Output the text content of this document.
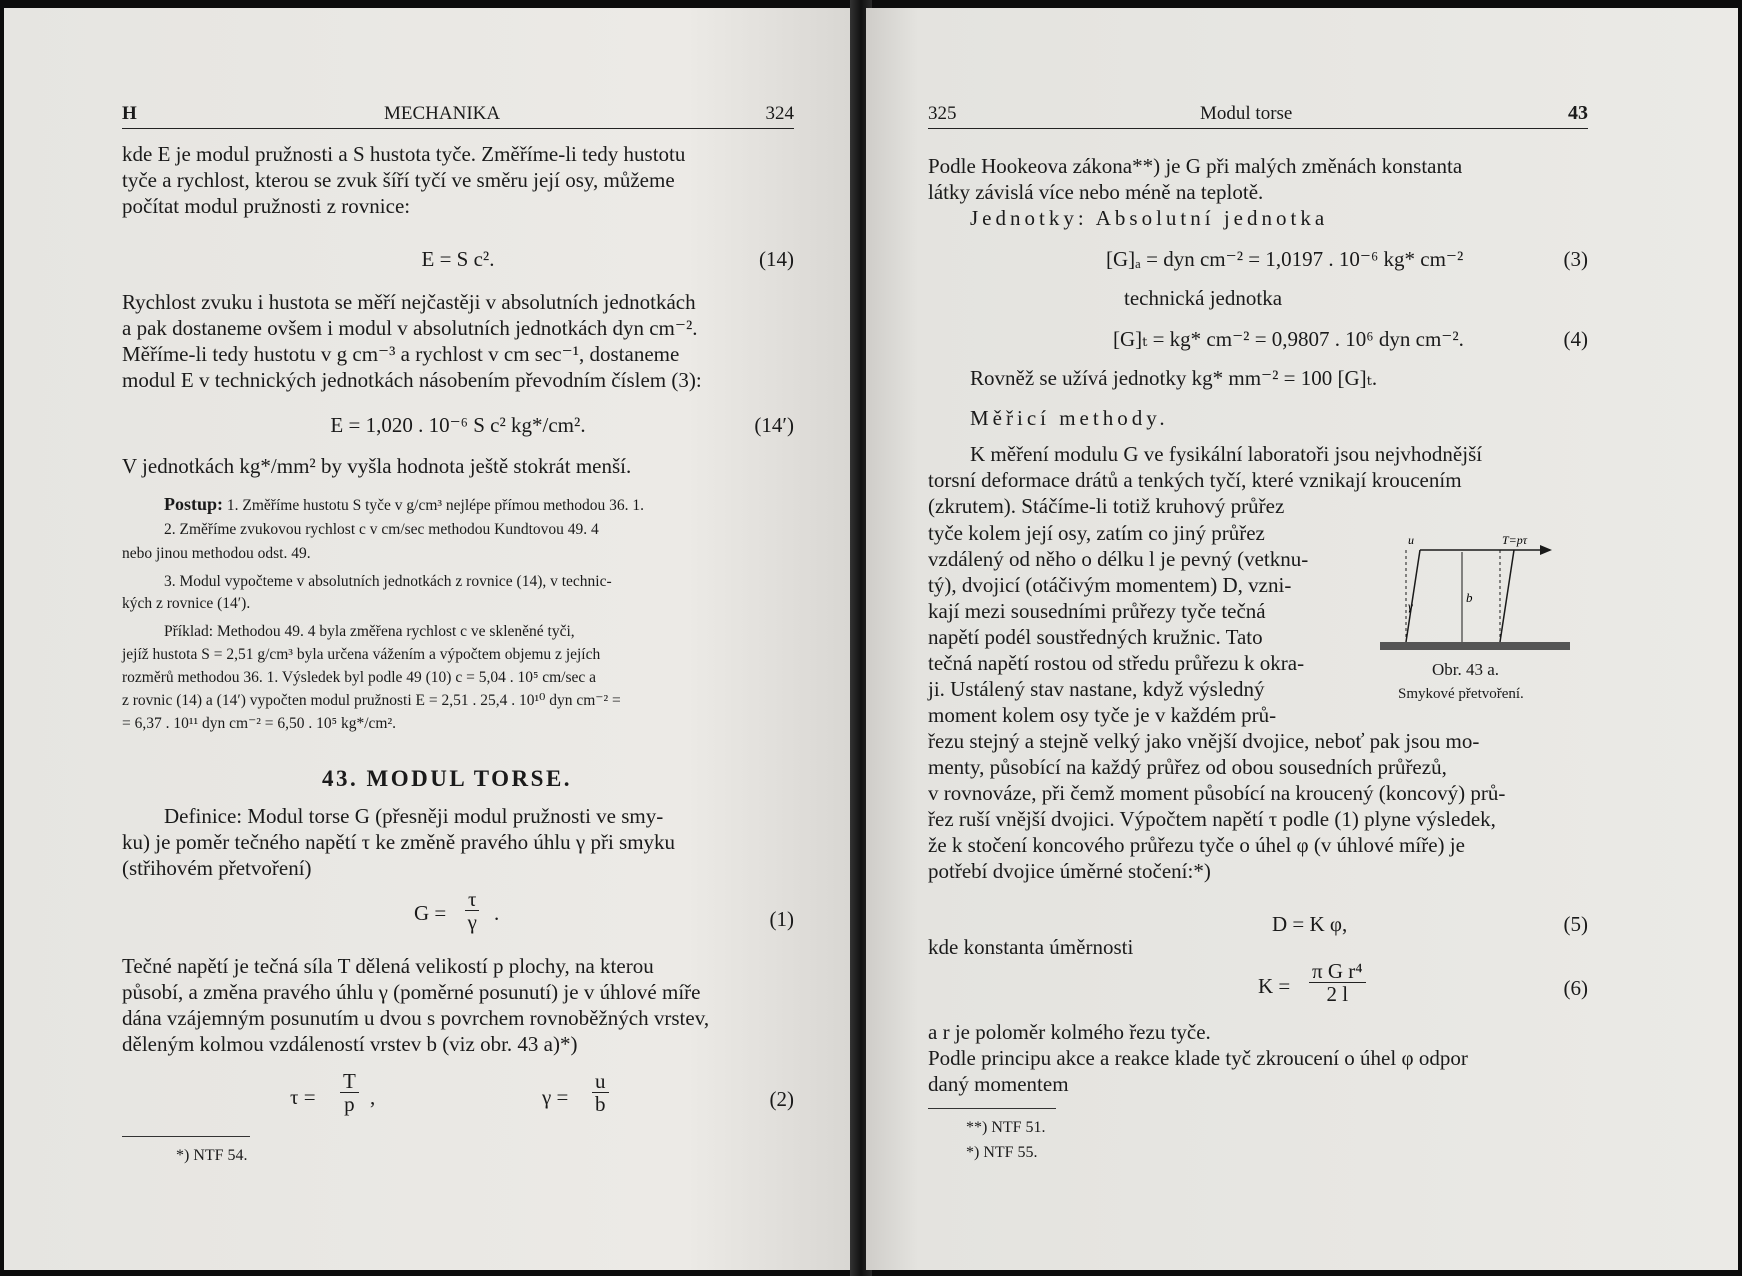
H	MECHANIKA	324
kde E je modul pružnosti a S hustota tyče. Změříme-li tedy hustotu
tyče a rychlost, kterou se zvuk šíří tyčí ve směru její osy, můžeme
počítat modul pružnosti z rovnice:
E = S c².	(14)
Rychlost zvuku i hustota se měří nejčastěji v absolutních jednotkách
a pak dostaneme ovšem i modul v absolutních jednotkách dyn cm⁻².
Měříme-li tedy hustotu v g cm⁻³ a rychlost v cm sec⁻¹, dostaneme
modul E v technických jednotkách násobením převodním číslem (3):
E = 1,020 . 10⁻⁶ S c² kg*/cm².	(14′)
V jednotkách kg*/mm² by vyšla hodnota ještě stokrát menší.
Postup: 1. Změříme hustotu S tyče v g/cm³ nejlépe přímou methodou 36. 1.
2. Změříme zvukovou rychlost c v cm/sec methodou Kundtovou 49. 4
nebo jinou methodou odst. 49.
3. Modul vypočteme v absolutních jednotkách z rovnice (14), v technic-
kých z rovnice (14′).
Příklad: Methodou 49. 4 byla změřena rychlost c ve skleněné tyči,
jejíž hustota S = 2,51 g/cm³ byla určena vážením a výpočtem objemu z jejích
rozměrů methodou 36. 1. Výsledek byl podle 49 (10) c = 5,04 . 10⁵ cm/sec a
z rovnic (14) a (14′) vypočten modul pružnosti E = 2,51 . 25,4 . 10¹⁰ dyn cm⁻² =
= 6,37 . 10¹¹ dyn cm⁻² = 6,50 . 10⁵ kg*/cm².
43. MODUL TORSE.
Definice: Modul torse G (přesněji modul pružnosti ve smy-
ku) je poměr tečného napětí τ ke změně pravého úhlu γ při smyku
(střihovém přetvoření)
$G = \frac{\tau}{\gamma}$ .	(1)
Tečné napětí je tečná síla T dělená velikostí p plochy, na kterou
působí, a změna pravého úhlu γ (poměrné posunutí) je v úhlové míře
dána vzájemným posunutím u dvou s povrchem rovnoběžných vrstev,
děleným kolmou vzdáleností vrstev b (viz obr. 43 a)*)
$\tau = \frac{T}{p}$ ,	$\gamma = \frac{u}{b}$	(2)
*) NTF 54.
325	Modul torse	43
Podle Hookeova zákona**) je G při malých změnách konstanta
látky závislá více nebo méně na teplotě.
Jednotky: Absolutní jednotka
[G]ₐ = dyn cm⁻² = 1,0197 . 10⁻⁶ kg* cm⁻²	(3)
technická jednotka
[G]ₜ = kg* cm⁻² = 0,9807 . 10⁶ dyn cm⁻².	(4)
Rovněž se užívá jednotky kg* mm⁻² = 100 [G]ₜ.
Měřicí methody.
K měření modulu G ve fysikální laboratoři jsou nejvhodnější
torsní deformace drátů a tenkých tyčí, které vznikají kroucením
(zkrutem). Stáčíme-li totiž kruhový průřez
tyče kolem její osy, zatím co jiný průřez
vzdálený od něho o délku l je pevný (vetknu-
tý), dvojicí (otáčivým momentem) D, vzni-
kají mezi sousedními průřezy tyče tečná
napětí podél soustředných kružnic. Tato
tečná napětí rostou od středu průřezu k okra-
ji. Ustálený stav nastane, když výsledný
moment kolem osy tyče je v každém prů-
u	T=pτ
b
γ
Obr. 43 a.
Smykové přetvoření.
řezu stejný a stejně velký jako vnější dvojice, neboť pak jsou mo-
menty, působící na každý průřez od obou sousedních průřezů,
v rovnováze, při čemž moment působící na kroucený (koncový) prů-
řez ruší vnější dvojici. Výpočtem napětí τ podle (1) plyne výsledek,
že k stočení koncového průřezu tyče o úhel φ (v úhlové míře) je
potřebí dvojice úměrné stočení:*)
D = K φ,	(5)
kde konstanta úměrnosti
$K = \frac{\text{π G r⁴}}{2 l}$	(6)
a r je poloměr kolmého řezu tyče.
Podle principu akce a reakce klade tyč zkroucení o úhel φ odpor
daný momentem
**) NTF 51.
*) NTF 55.
